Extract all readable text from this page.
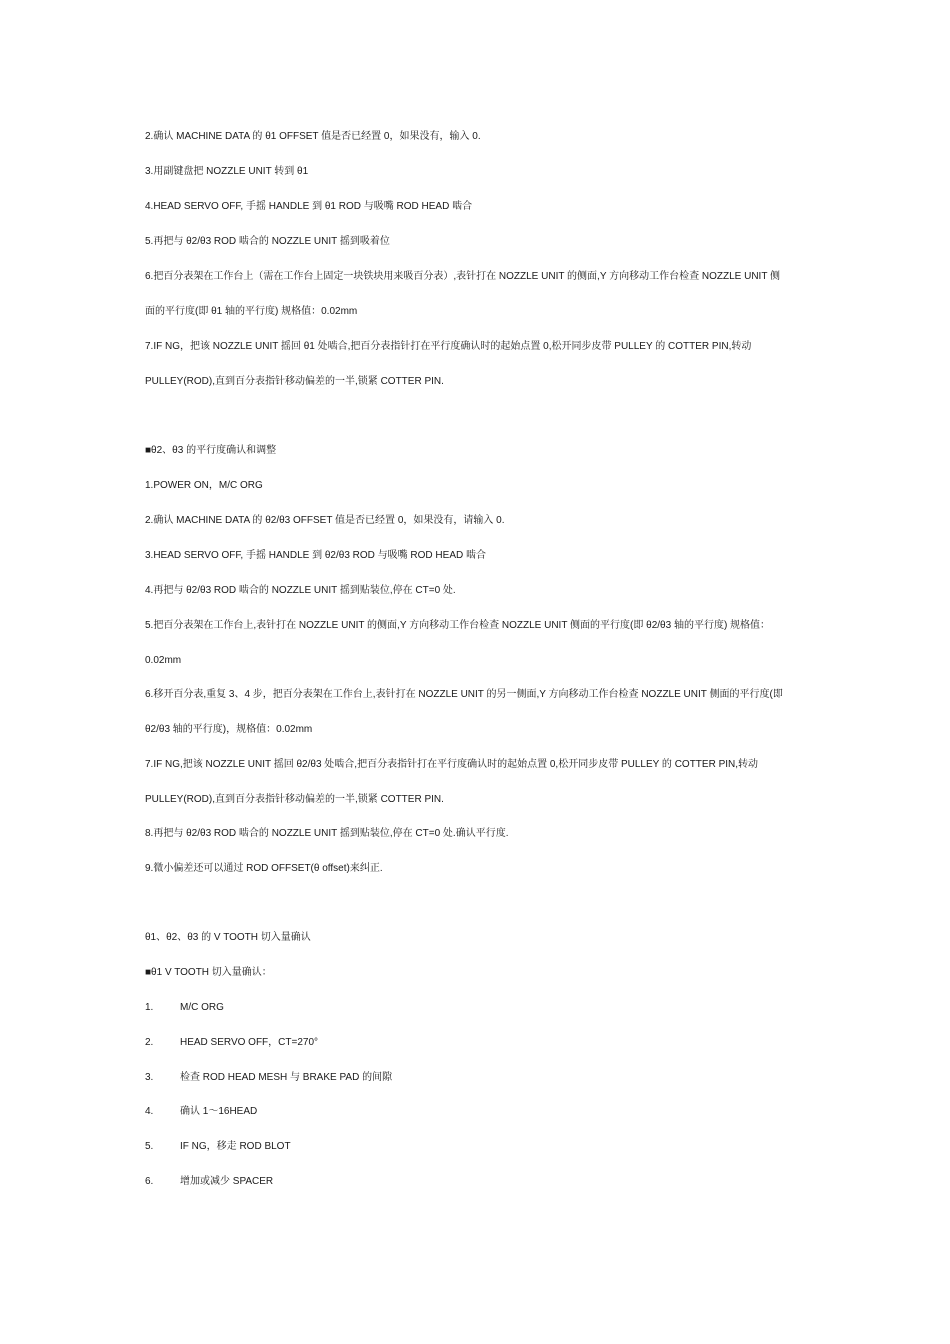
2.确认 MACHINE DATA 的 θ1 OFFSET 值是否已经置 0，如果没有，输入 0.
3.用副键盘把 NOZZLE UNIT 转到 θ1
4.HEAD SERVO OFF, 手摇 HANDLE 到 θ1 ROD 与吸嘴 ROD HEAD 啮合
5.再把与 θ2/θ3 ROD 啮合的 NOZZLE UNIT 摇到吸着位
6.把百分表架在工作台上（需在工作台上固定一块铁块用来吸百分表）,表针打在 NOZZLE UNIT 的侧面,Y 方向移动工作台检查 NOZZLE UNIT 侧
面的平行度(即 θ1 轴的平行度) 规格值：0.02mm
7.IF NG，把该 NOZZLE UNIT 摇回 θ1 处啮合,把百分表指针打在平行度确认时的起始点置 0,松开同步皮带 PULLEY 的 COTTER PIN,转动
PULLEY(ROD),直到百分表指针移动偏差的一半,锁紧 COTTER PIN.
■θ2、θ3 的平行度确认和调整
1.POWER ON，M/C ORG
2.确认 MACHINE DATA 的 θ2/θ3 OFFSET 值是否已经置 0，如果没有，请输入 0.
3.HEAD SERVO OFF, 手摇 HANDLE 到 θ2/θ3 ROD 与吸嘴 ROD HEAD 啮合
4.再把与 θ2/θ3 ROD 啮合的 NOZZLE UNIT 摇到贴装位,停在 CT=0 处.
5.把百分表架在工作台上,表针打在 NOZZLE UNIT 的侧面,Y 方向移动工作台检查 NOZZLE UNIT 侧面的平行度(即 θ2/θ3 轴的平行度) 规格值：
0.02mm
6.移开百分表,重复 3、4 步，把百分表架在工作台上,表针打在 NOZZLE UNIT 的另一侧面,Y 方向移动工作台检查 NOZZLE UNIT 侧面的平行度(即
θ2/θ3 轴的平行度)，规格值：0.02mm
7.IF NG,把该 NOZZLE UNIT 摇回 θ2/θ3 处啮合,把百分表指针打在平行度确认时的起始点置 0,松开同步皮带 PULLEY 的 COTTER PIN,转动
PULLEY(ROD),直到百分表指针移动偏差的一半,锁紧 COTTER PIN.
8.再把与 θ2/θ3 ROD 啮合的 NOZZLE UNIT 摇到贴装位,停在 CT=0 处.确认平行度.
9.微小偏差还可以通过 ROD OFFSET(θ offset)来纠正.
θ1、θ2、θ3 的 V TOOTH 切入量确认
■θ1 V TOOTH 切入量确认：
1.	M/C ORG
2.	HEAD SERVO OFF，CT=270°
3.	检查 ROD HEAD MESH 与 BRAKE PAD 的间隙
4.	确认 1～16HEAD
5.	IF NG，移走 ROD BLOT
6.	增加或减少 SPACER
